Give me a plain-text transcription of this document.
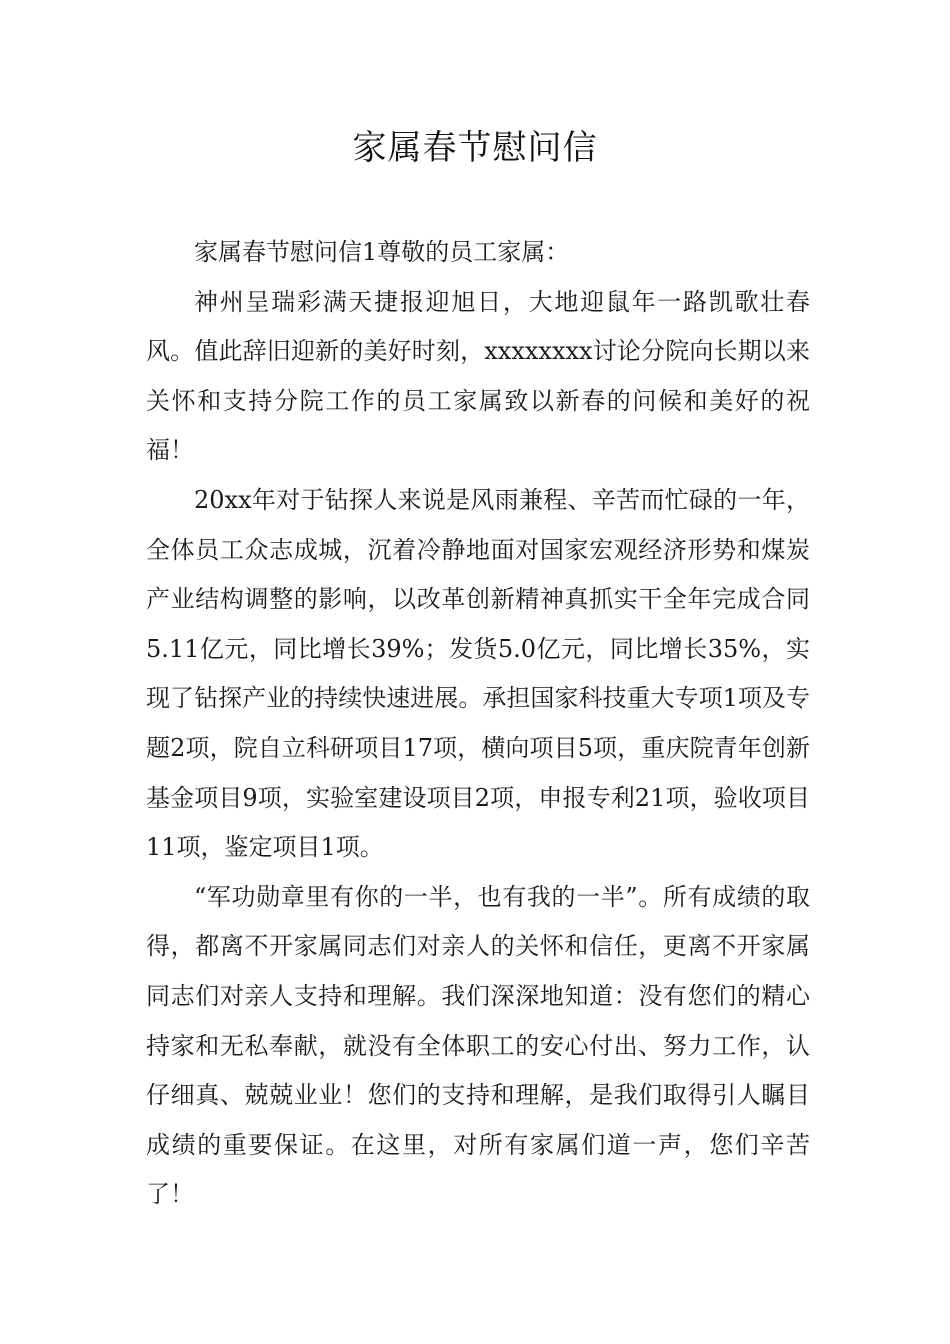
家属春节慰问信

家属春节慰问信1尊敬的员工家属：

神州呈瑞彩满天捷报迎旭日，大地迎鼠年一路凯歌壮春风。值此辞旧迎新的美好时刻，xxxxxxxx讨论分院向长期以来关怀和支持分院工作的员工家属致以新春的问候和美好的祝福！

20xx年对于钻探人来说是风雨兼程、辛苦而忙碌的一年，全体员工众志成城，沉着冷静地面对国家宏观经济形势和煤炭产业结构调整的影响，以改革创新精神真抓实干全年完成合同5.11亿元，同比增长39%；发货5.0亿元，同比增长35%，实现了钻探产业的持续快速进展。承担国家科技重大专项1项及专题2项，院自立科研项目17项，横向项目5项，重庆院青年创新基金项目9项，实验室建设项目2项，申报专利21项，验收项目11项，鉴定项目1项。

“军功勋章里有你的一半，也有我的一半”。所有成绩的取得，都离不开家属同志们对亲人的关怀和信任，更离不开家属同志们对亲人支持和理解。我们深深地知道：没有您们的精心持家和无私奉献，就没有全体职工的安心付出、努力工作，认仔细真、兢兢业业！您们的支持和理解，是我们取得引人瞩目成绩的重要保证。在这里，对所有家属们道一声，您们辛苦了！
